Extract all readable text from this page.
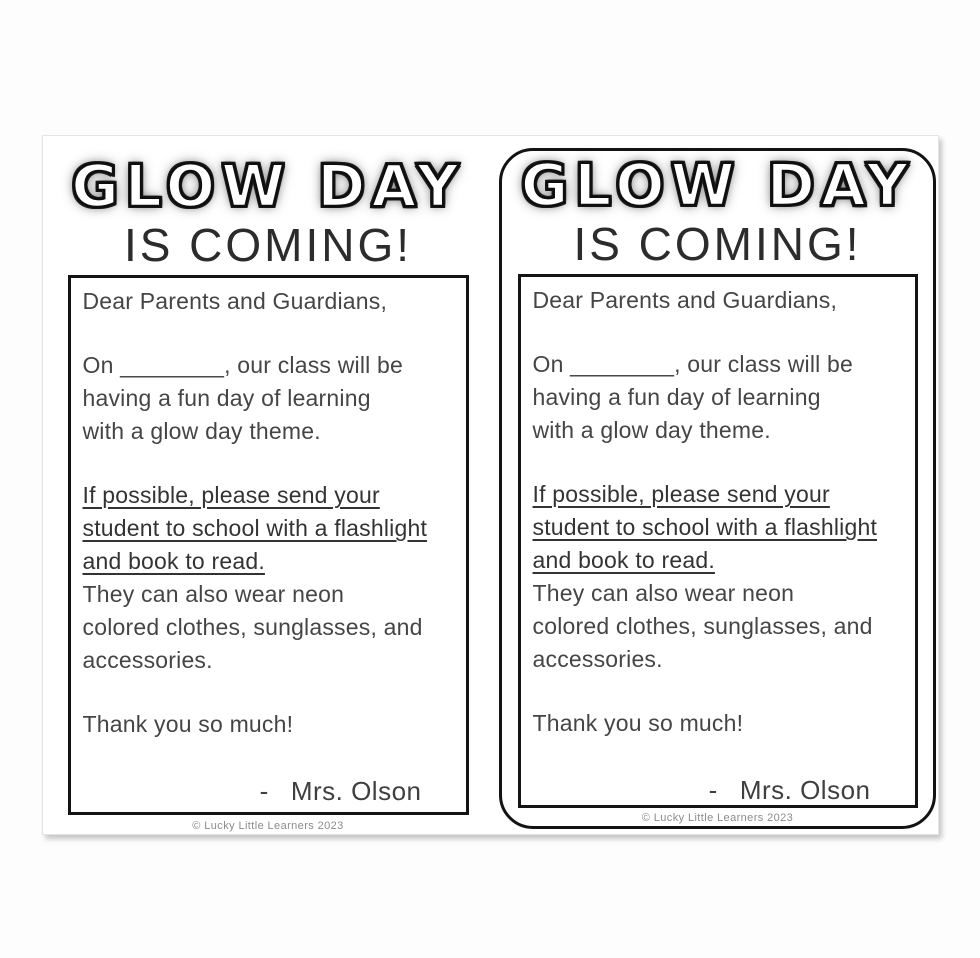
GLOW DAY
IS COMING!
Dear Parents and Guardians,
On ________, our class will be
having a fun day of learning
with a glow day theme.
If possible, please send your
student to school with a flashlight
and book to read.
They can also wear neon
colored clothes, sunglasses, and
accessories.
Thank you so much!
- Mrs. Olson
© Lucky Little Learners 2023
GLOW DAY
IS COMING!
Dear Parents and Guardians,
On ________, our class will be
having a fun day of learning
with a glow day theme.
If possible, please send your
student to school with a flashlight
and book to read.
They can also wear neon
colored clothes, sunglasses, and
accessories.
Thank you so much!
- Mrs. Olson
© Lucky Little Learners 2023
